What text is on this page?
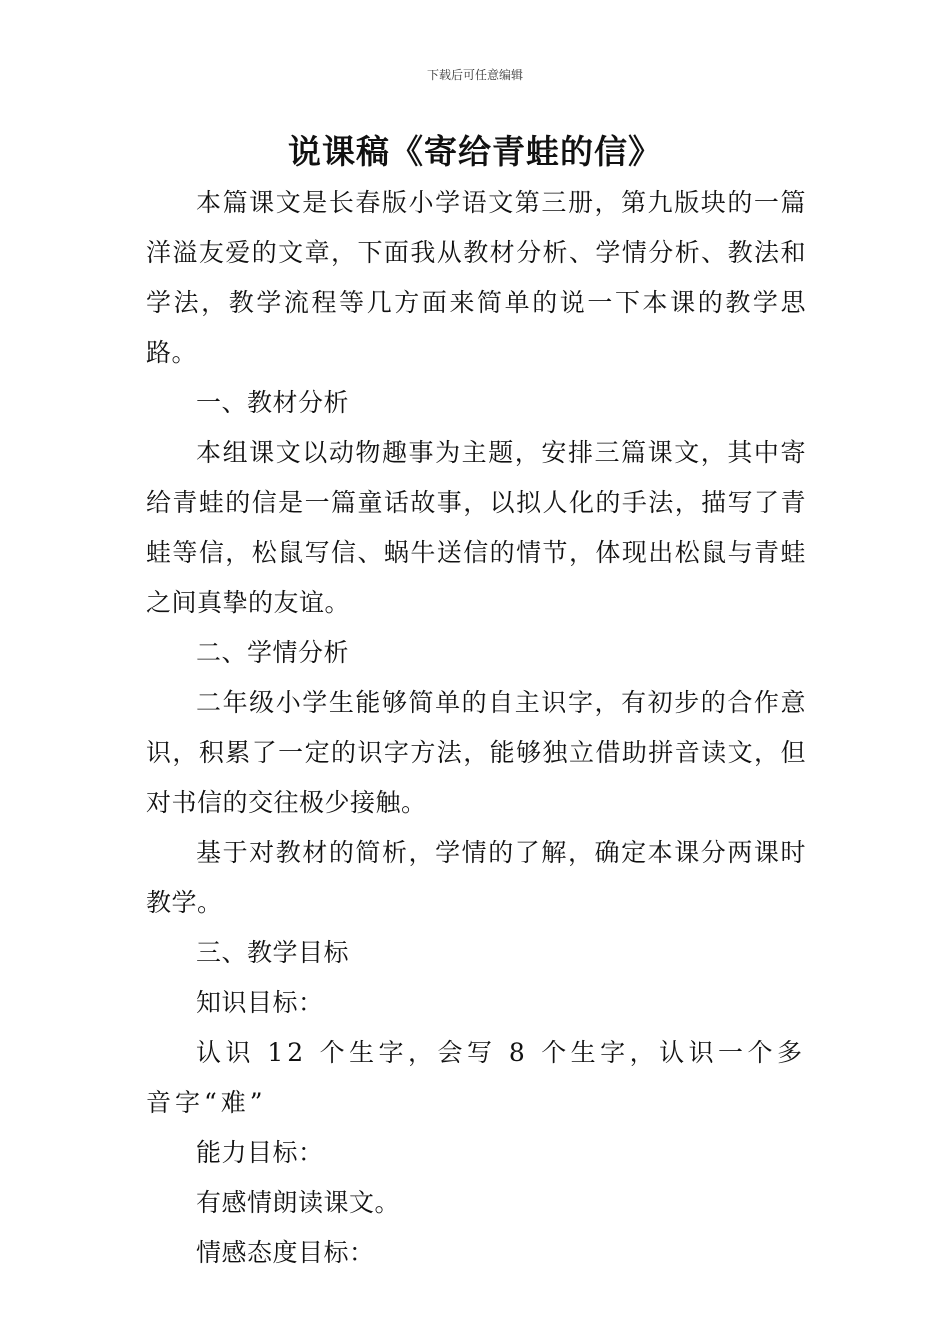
下载后可任意编辑
说课稿《寄给青蛙的信》

本篇课文是长春版小学语文第三册，第九版块的一篇洋溢友爱的文章，下面我从教材分析、学情分析、教法和学法，教学流程等几方面来简单的说一下本课的教学思路。

一、教材分析

本组课文以动物趣事为主题，安排三篇课文，其中寄给青蛙的信是一篇童话故事，以拟人化的手法，描写了青蛙等信，松鼠写信、蜗牛送信的情节，体现出松鼠与青蛙之间真挚的友谊。

二、学情分析

二年级小学生能够简单的自主识字，有初步的合作意识，积累了一定的识字方法，能够独立借助拼音读文，但对书信的交往极少接触。

基于对教材的简析，学情的了解，确定本课分两课时教学。

三、教学目标

知识目标：

认识 12 个生字，会写 8 个生字，认识一个多音字“难”

能力目标：

有感情朗读课文。

情感态度目标：
